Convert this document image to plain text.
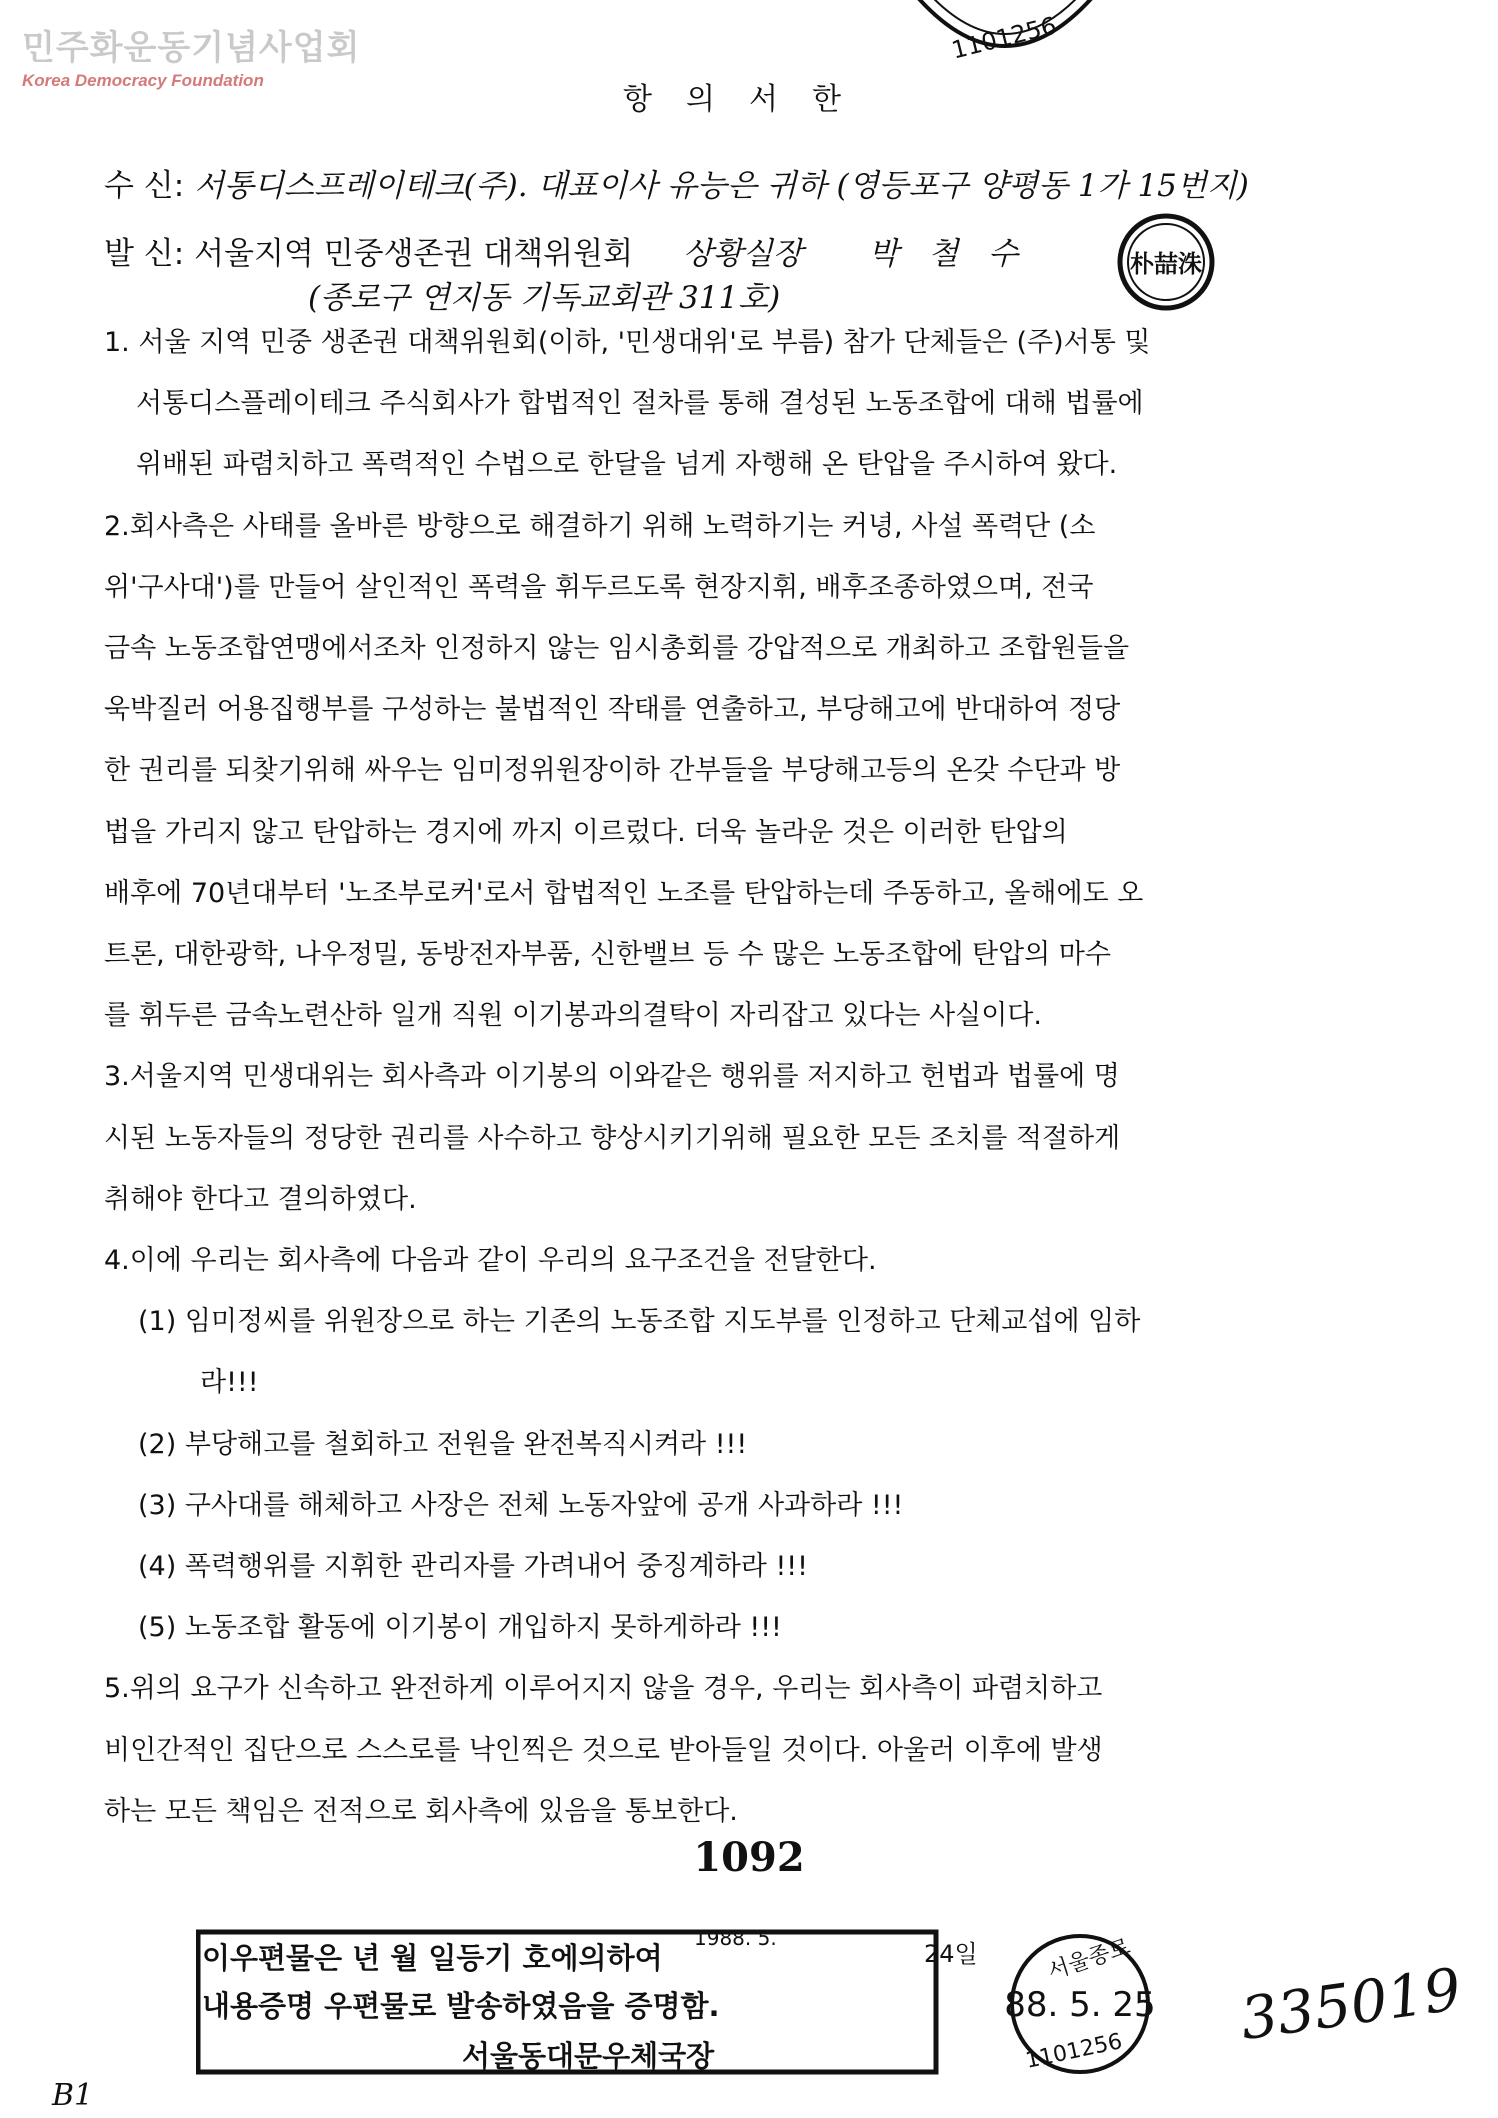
민주화운동기념사업회
Korea Democracy Foundation
1101256
항의서한
수 신: 서통디스프레이테크(주). 대표이사 유능은 귀하 (영등포구 양평동 1가 15번지)
발 신: 서울지역 민중생존권 대책위원회 상황실장 박 철 수
(종로구 연지동 기독교회관 311호)
朴喆洙

1. 서울 지역 민중 생존권 대책위원회(이하, '민생대위'로 부름) 참가 단체들은 (주)서통 및

서통디스플레이테크 주식회사가 합법적인 절차를 통해 결성된 노동조합에 대해 법률에

위배된 파렴치하고 폭력적인 수법으로 한달을 넘게 자행해 온 탄압을 주시하여 왔다.

2.회사측은 사태를 올바른 방향으로 해결하기 위해 노력하기는 커녕, 사설 폭력단 (소

위'구사대')를 만들어 살인적인 폭력을 휘두르도록 현장지휘, 배후조종하였으며, 전국

금속 노동조합연맹에서조차 인정하지 않는 임시총회를 강압적으로 개최하고 조합원들을

욱박질러 어용집행부를 구성하는 불법적인 작태를 연출하고, 부당해고에 반대하여 정당

한 권리를 되찾기위해 싸우는 임미정위원장이하 간부들을 부당해고등의 온갖 수단과 방

법을 가리지 않고 탄압하는 경지에 까지 이르렀다. 더욱 놀라운 것은 이러한 탄압의

배후에 70년대부터 '노조부로커'로서 합법적인 노조를 탄압하는데 주동하고, 올해에도 오

트론, 대한광학, 나우정밀, 동방전자부품, 신한밸브 등 수 많은 노동조합에 탄압의 마수

를 휘두른 금속노련산하 일개 직원 이기봉과의결탁이 자리잡고 있다는 사실이다.

3.서울지역 민생대위는 회사측과 이기봉의 이와같은 행위를 저지하고 헌법과 법률에 명

시된 노동자들의 정당한 권리를 사수하고 향상시키기위해 필요한 모든 조치를 적절하게

취해야 한다고 결의하였다.

4.이에 우리는 회사측에 다음과 같이 우리의 요구조건을 전달한다.

(1) 임미정씨를 위원장으로 하는 기존의 노동조합 지도부를 인정하고 단체교섭에 임하

라!!!

(2) 부당해고를 철회하고 전원을 완전복직시켜라 !!!

(3) 구사대를 해체하고 사장은 전체 노동자앞에 공개 사과하라 !!!

(4) 폭력행위를 지휘한 관리자를 가려내어 중징계하라 !!!

(5) 노동조합 활동에 이기봉이 개입하지 못하게하라 !!!

5.위의 요구가 신속하고 완전하게 이루어지지 않을 경우, 우리는 회사측이 파렴치하고

비인간적인 집단으로 스스로를 낙인찍은 것으로 받아들일 것이다. 아울러 이후에 발생

하는 모든 책임은 전적으로 회사측에 있음을 통보한다.

1092
이우편물은 년 월 일등기 호에의하여
내용증명 우편물로 발송하였음을 증명함.
서울동대문우체국장
1988. 5.
24일	서울종로
88. 5. 25
1101256 335019
B1
